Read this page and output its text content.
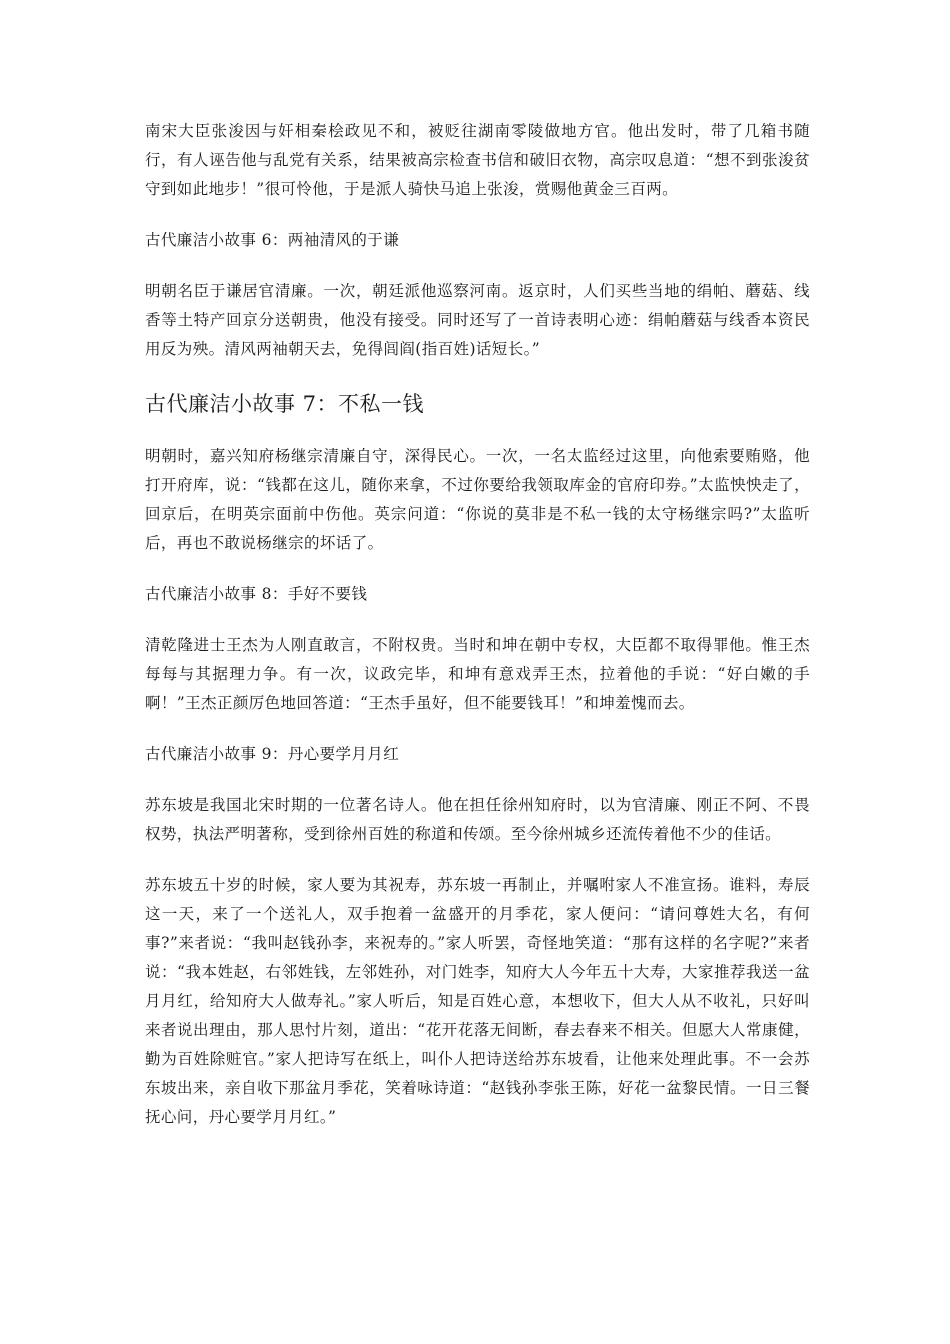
南宋大臣张浚因与奸相秦桧政见不和，被贬往湖南零陵做地方官。他出发时，带了几箱书随行，有人诬告他与乱党有关系，结果被高宗检查书信和破旧衣物，高宗叹息道：“想不到张浚贫守到如此地步！”很可怜他，于是派人骑快马追上张浚，赏赐他黄金三百两。

古代廉洁小故事 6：两袖清风的于谦

明朝名臣于谦居官清廉。一次，朝廷派他巡察河南。返京时，人们买些当地的绢帕、蘑菇、线香等土特产回京分送朝贵，他没有接受。同时还写了一首诗表明心迹：绢帕蘑菇与线香本资民用反为殃。清风两袖朝天去，免得闾阎(指百姓)话短长。”

古代廉洁小故事 7：不私一钱

明朝时，嘉兴知府杨继宗清廉自守，深得民心。一次，一名太监经过这里，向他索要贿赂，他打开府库，说：“钱都在这儿，随你来拿，不过你要给我领取库金的官府印券。”太监怏怏走了，回京后，在明英宗面前中伤他。英宗问道：“你说的莫非是不私一钱的太守杨继宗吗?”太监听后，再也不敢说杨继宗的坏话了。

古代廉洁小故事 8：手好不要钱

清乾隆进士王杰为人刚直敢言，不附权贵。当时和坤在朝中专权，大臣都不取得罪他。惟王杰每每与其据理力争。有一次，议政完毕，和坤有意戏弄王杰，拉着他的手说：“好白嫩的手啊！”王杰正颜厉色地回答道：“王杰手虽好，但不能要钱耳！”和坤羞愧而去。

古代廉洁小故事 9：丹心要学月月红

苏东坡是我国北宋时期的一位著名诗人。他在担任徐州知府时，以为官清廉、刚正不阿、不畏权势，执法严明著称，受到徐州百姓的称道和传颂。至今徐州城乡还流传着他不少的佳话。

苏东坡五十岁的时候，家人要为其祝寿，苏东坡一再制止，并嘱咐家人不准宣扬。谁料，寿辰这一天，来了一个送礼人，双手抱着一盆盛开的月季花，家人便问：“请问尊姓大名，有何事?”来者说：“我叫赵钱孙李，来祝寿的。”家人听罢，奇怪地笑道：“那有这样的名字呢?”来者说：“我本姓赵，右邻姓钱，左邻姓孙，对门姓李，知府大人今年五十大寿，大家推荐我送一盆月月红，给知府大人做寿礼。”家人听后，知是百姓心意，本想收下，但大人从不收礼，只好叫来者说出理由，那人思忖片刻，道出：“花开花落无间断，春去春来不相关。但愿大人常康健，勤为百姓除赃官。”家人把诗写在纸上，叫仆人把诗送给苏东坡看，让他来处理此事。不一会苏东坡出来，亲自收下那盆月季花，笑着咏诗道：“赵钱孙李张王陈，好花一盆黎民情。一日三餐抚心问，丹心要学月月红。”
